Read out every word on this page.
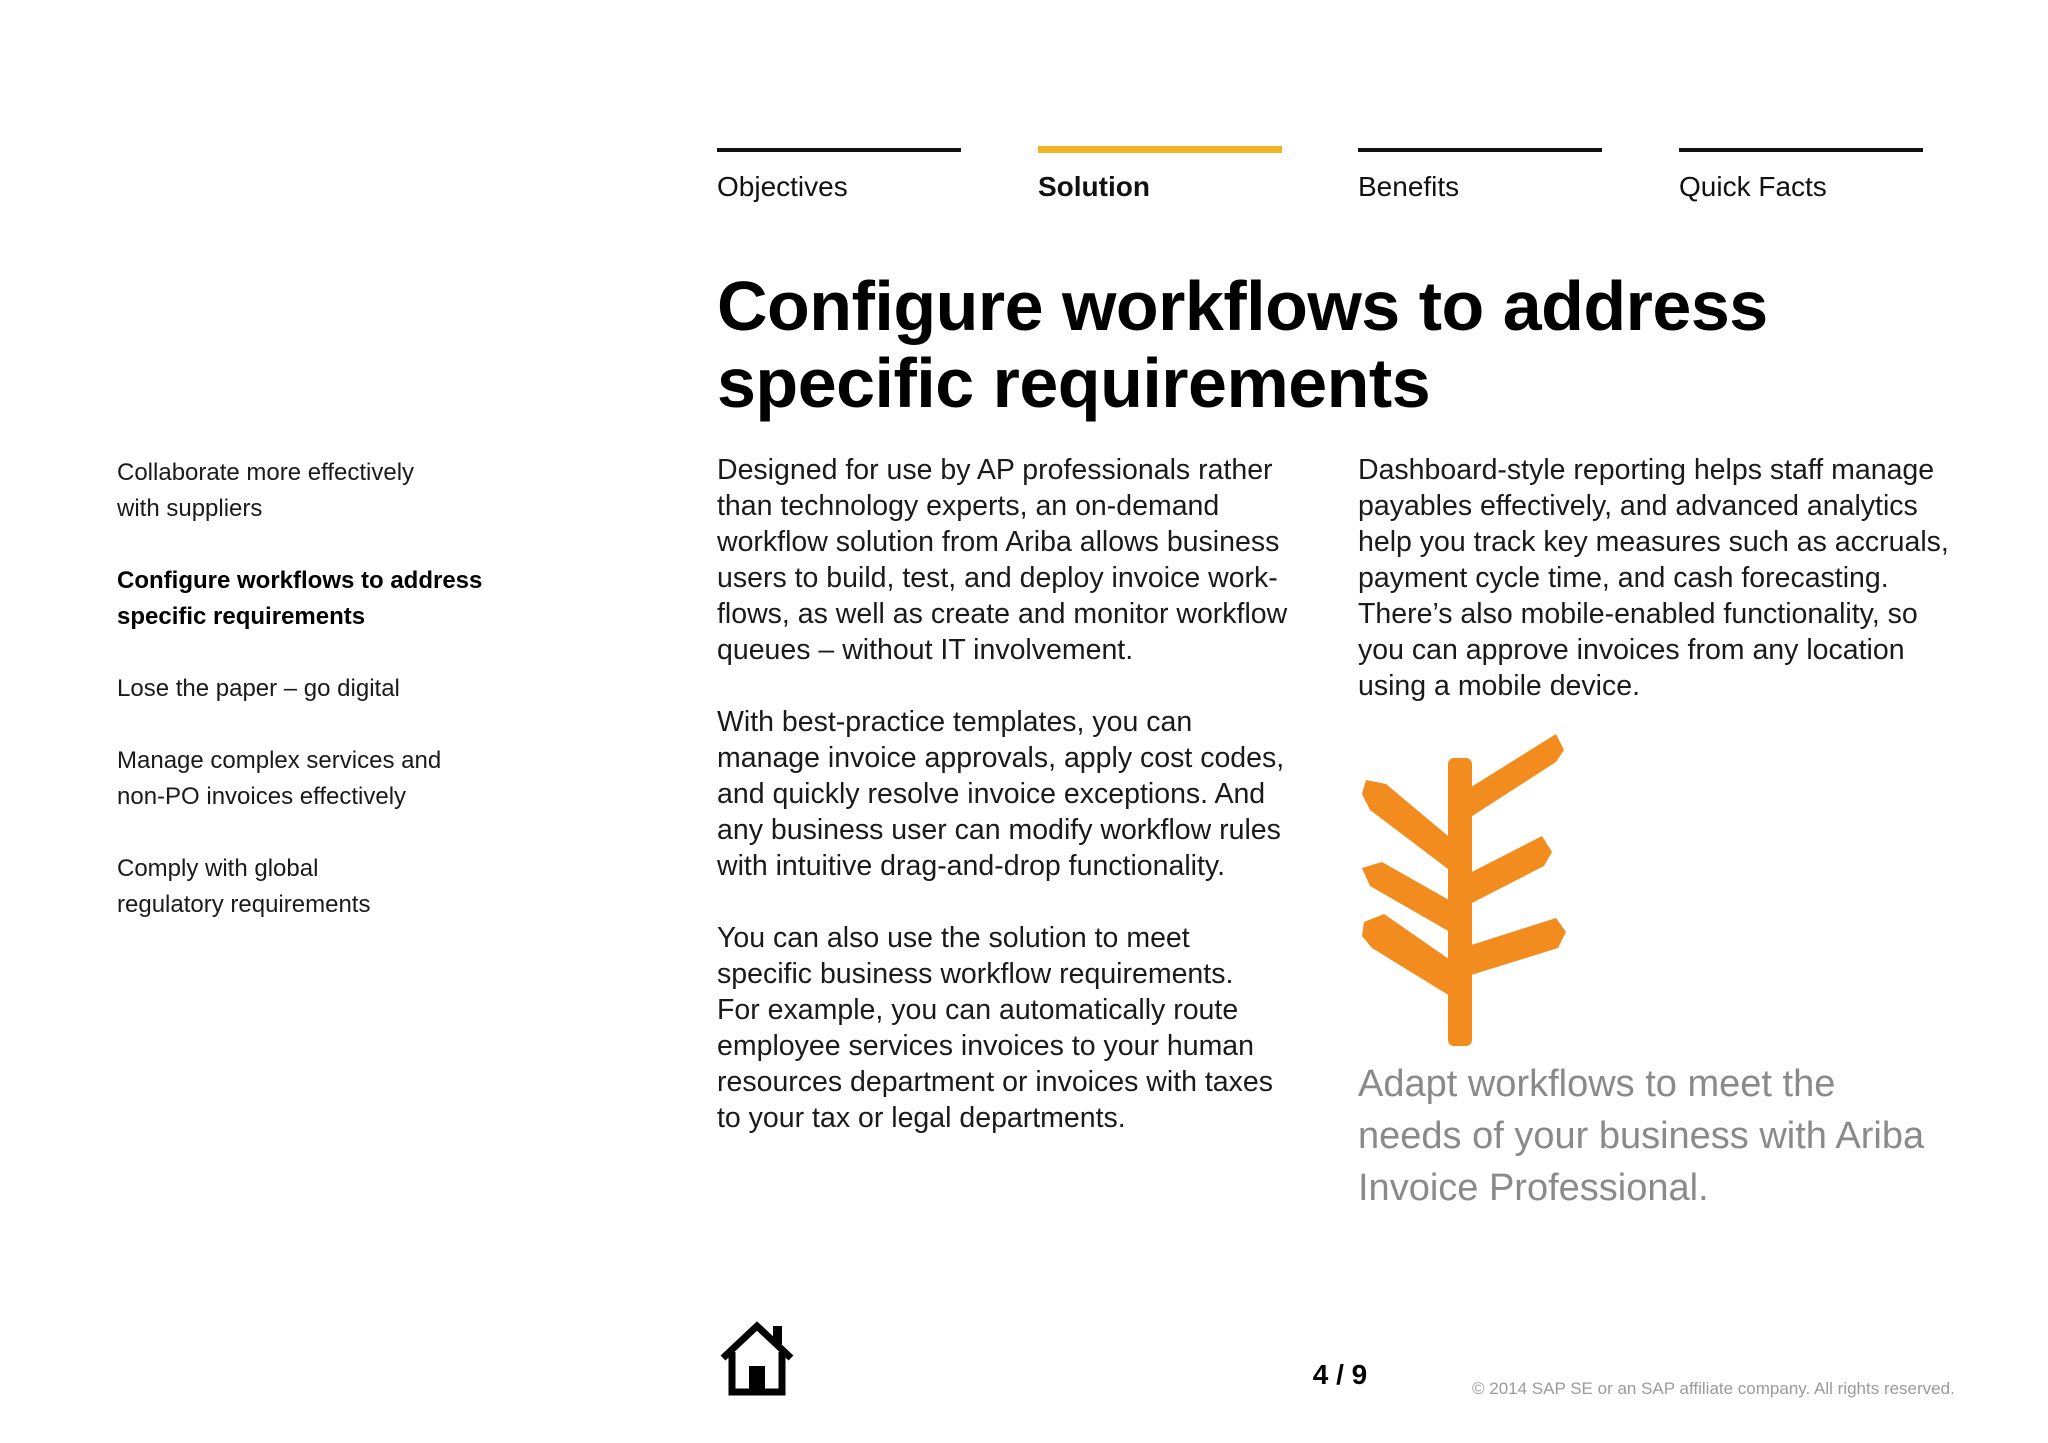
Objectives	Solution	Benefits	Quick Facts
Configure workflows to address
specific requirements
Collaborate more effectively
with suppliers
Configure workflows to address
specific requirements
Lose the paper – go digital
Manage complex services and
non-PO invoices effectively
Comply with global
regulatory requirements

Designed for use by AP professionals rather
than technology experts, an on-demand
workflow solution from Ariba allows business
users to build, test, and deploy invoice work-
flows, as well as create and monitor workflow
queues – without IT involvement.

With best-practice templates, you can
manage invoice approvals, apply cost codes,
and quickly resolve invoice exceptions. And
any business user can modify workflow rules
with intuitive drag-and-drop functionality.

You can also use the solution to meet
specific business workflow requirements.
For example, you can automatically route
employee services invoices to your human
resources department or invoices with taxes
to your tax or legal departments.

Dashboard-style reporting helps staff manage
payables effectively, and advanced analytics
help you track key measures such as accruals,
payment cycle time, and cash forecasting.
There’s also mobile-enabled functionality, so
you can approve invoices from any location
using a mobile device.

Adapt workflows to meet the
needs of your business with Ariba
Invoice Professional.
4 / 9	© 2014 SAP SE or an SAP affiliate company. All rights reserved.
